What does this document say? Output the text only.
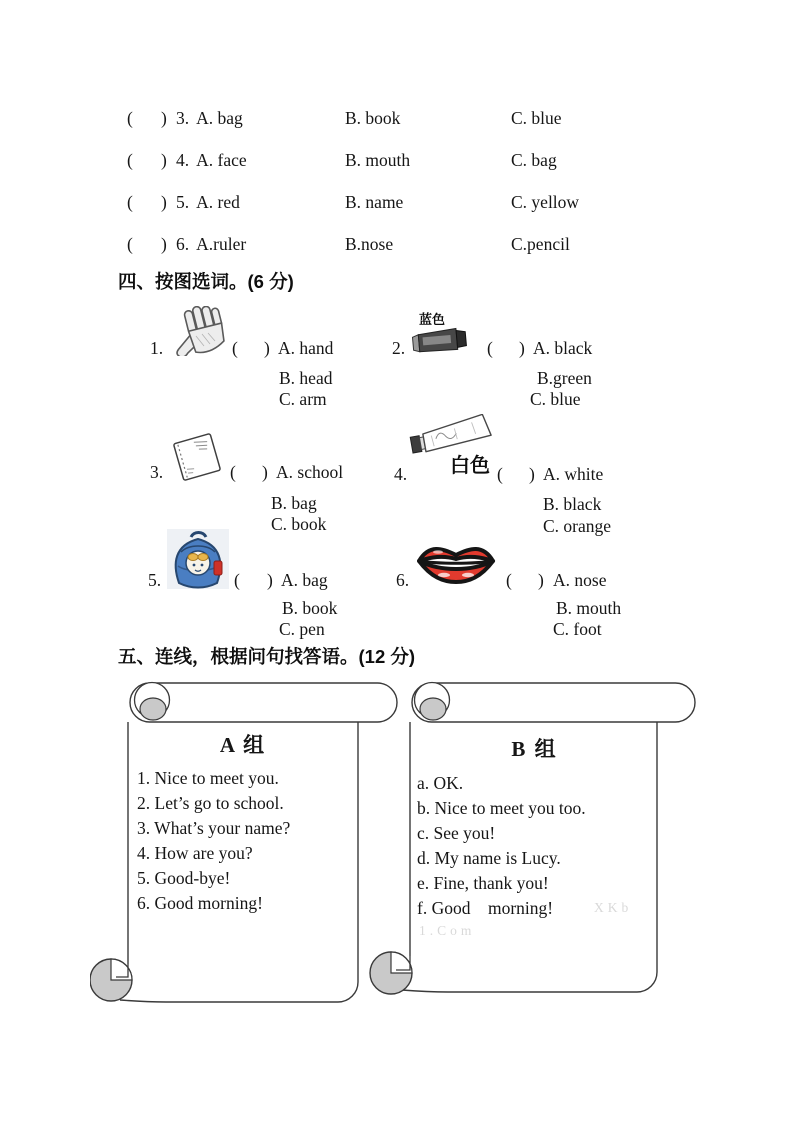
( ) 3. A. bag	B. book	C. blue
( ) 4. A. face	B. mouth	C. bag
( ) 5. A. red	B. name	C. yellow
( ) 6. A.ruler	B.nose	C.pencil
四、按图选词。(6 分)
1.	( ) A. hand
B. head
C. arm
2.
蓝色
( ) A. black
B.green
C. blue
3.	( ) A. school
B. bag
C. book
4. 白色 ( ) A. white
B. black
C. orange
5.	( ) A. bag
B. book
C. pen
6.	( ) A. nose
B. mouth
C. foot
五、连线，根据问句找答语。(12 分)
A 组
1. Nice to meet you.
2. Let’s go to school.
3. What’s your name?
4. How are you?
5. Good-bye!
6. Good morning!
B 组
a. OK.
b. Nice to meet you too.
c. See you!
d. My name is Lucy.
e. Fine, thank you!
f. Good    morning!	XKb
1.Com
